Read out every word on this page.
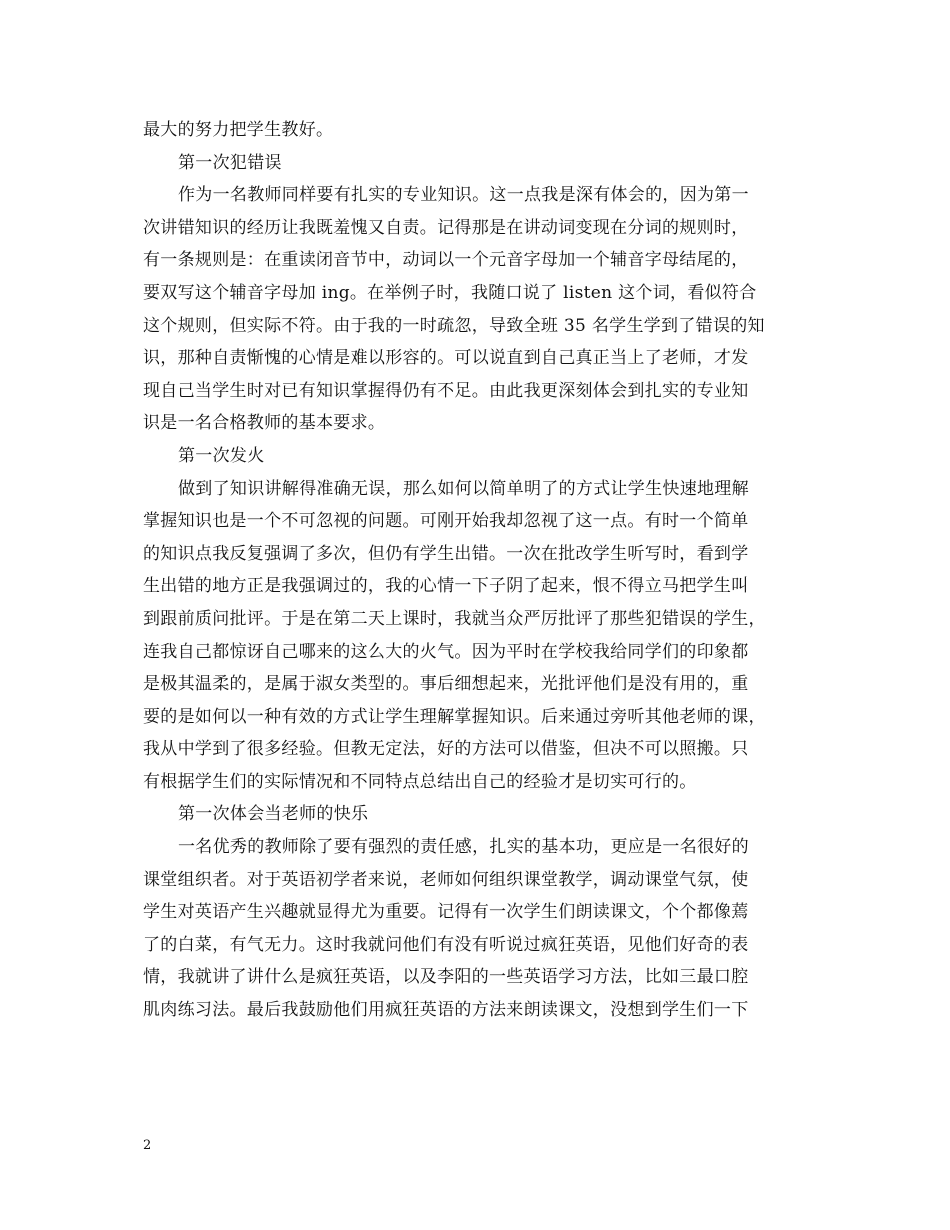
最大的努力把学生教好。
第一次犯错误
作为一名教师同样要有扎实的专业知识。这一点我是深有体会的，因为第一
次讲错知识的经历让我既羞愧又自责。记得那是在讲动词变现在分词的规则时，
有一条规则是：在重读闭音节中，动词以一个元音字母加一个辅音字母结尾的，
要双写这个辅音字母加 ing。在举例子时，我随口说了 listen 这个词，看似符合
这个规则，但实际不符。由于我的一时疏忽，导致全班 35 名学生学到了错误的知
识，那种自责惭愧的心情是难以形容的。可以说直到自己真正当上了老师，才发
现自己当学生时对已有知识掌握得仍有不足。由此我更深刻体会到扎实的专业知
识是一名合格教师的基本要求。
第一次发火
做到了知识讲解得准确无误，那么如何以简单明了的方式让学生快速地理解
掌握知识也是一个不可忽视的问题。可刚开始我却忽视了这一点。有时一个简单
的知识点我反复强调了多次，但仍有学生出错。一次在批改学生听写时，看到学
生出错的地方正是我强调过的，我的心情一下子阴了起来，恨不得立马把学生叫
到跟前质问批评。于是在第二天上课时，我就当众严厉批评了那些犯错误的学生，
连我自己都惊讶自己哪来的这么大的火气。因为平时在学校我给同学们的印象都
是极其温柔的，是属于淑女类型的。事后细想起来，光批评他们是没有用的，重
要的是如何以一种有效的方式让学生理解掌握知识。后来通过旁听其他老师的课，
我从中学到了很多经验。但教无定法，好的方法可以借鉴，但决不可以照搬。只
有根据学生们的实际情况和不同特点总结出自己的经验才是切实可行的。
第一次体会当老师的快乐
一名优秀的教师除了要有强烈的责任感，扎实的基本功，更应是一名很好的
课堂组织者。对于英语初学者来说，老师如何组织课堂教学，调动课堂气氛，使
学生对英语产生兴趣就显得尤为重要。记得有一次学生们朗读课文，个个都像蔫
了的白菜，有气无力。这时我就问他们有没有听说过疯狂英语，见他们好奇的表
情，我就讲了讲什么是疯狂英语，以及李阳的一些英语学习方法，比如三最口腔
肌肉练习法。最后我鼓励他们用疯狂英语的方法来朗读课文，没想到学生们一下
2
